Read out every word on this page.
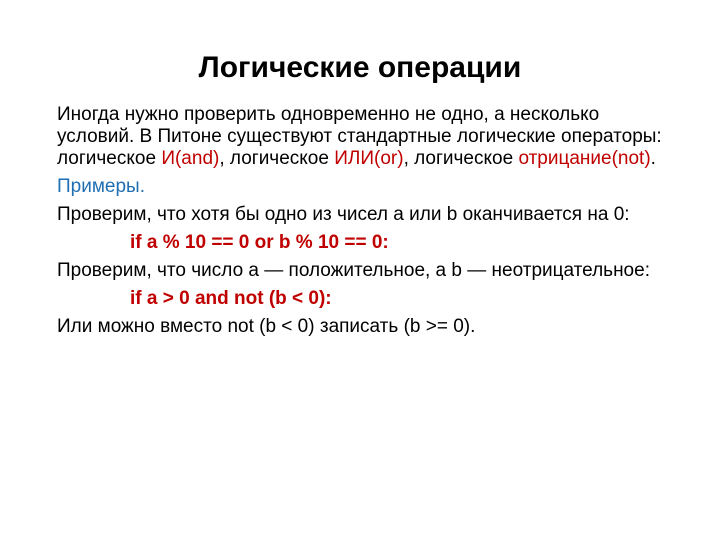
Логические операции

Иногда нужно проверить одновременно не одно, а несколько условий. В Питоне существуют стандартные логические операторы: логическое И(and), логическое ИЛИ(or), логическое отрицание(not).

Примеры.

Проверим, что хотя бы одно из чисел a или b оканчивается на 0:

if a % 10 == 0 or b % 10 == 0:

Проверим, что число a — положительное, а b — неотрицательное:

if a > 0 and not (b < 0):

Или можно вместо not (b < 0) записать (b >= 0).
